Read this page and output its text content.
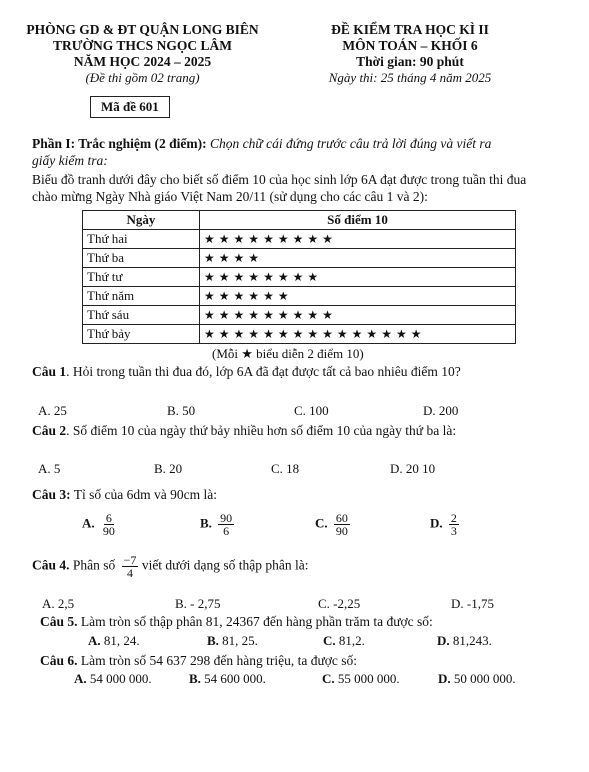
PHÒNG GD & ĐT QUẬN LONG BIÊN
TRƯỜNG THCS NGỌC LÂM
NĂM HỌC 2024 – 2025
(Đề thi gồm 02 trang)
ĐỀ KIỂM TRA HỌC KÌ II
MÔN TOÁN – KHỐI 6
Thời gian: 90 phút
Ngày thi: 25 tháng 4 năm 2025
Mã đề 601
Phần I: Trắc nghiệm (2 điểm): Chọn chữ cái đứng trước câu trả lời đúng và viết ra
giấy kiểm tra:
Biểu đồ tranh dưới đây cho biết số điểm 10 của học sinh lớp 6A đạt được trong tuần thi đua
chào mừng Ngày Nhà giáo Việt Nam 20/11 (sử dụng cho các câu 1 và 2):
Ngày	Số điểm 10
Thứ hai	★★★★★★★★★
Thứ ba	★★★★
Thứ tư	★★★★★★★★
Thứ năm	★★★★★★
Thứ sáu	★★★★★★★★★
Thứ bảy	★★★★★★★★★★★★★★★
(Mỗi ★ biểu diễn 2 điểm 10)
Câu 1. Hỏi trong tuần thi đua đó, lớp 6A đã đạt được tất cả bao nhiêu điểm 10?
A. 25	B. 50	C. 100	D. 200
Câu 2. Số điểm 10 của ngày thứ bảy nhiều hơn số điểm 10 của ngày thứ ba là:
A. 5	B. 20	C. 18	D. 20 10
Câu 3: Tỉ số của 6dm và 90cm là:
A. $\frac{6}{90}$	B. $\frac{90}{6}$	C. $\frac{60}{90}$	D. $\frac{2}{3}$
Câu 4. Phân số $\frac{-7}{4}$ viết dưới dạng số thập phân là:
A. 2,5	B. - 2,75	C. -2,25	D. -1,75
Câu 5. Làm tròn số thập phân 81, 24367 đến hàng phần trăm ta được số:
A. 81, 24.	B. 81, 25.	C. 81,2.	D. 81,243.
Câu 6. Làm tròn số 54 637 298 đến hàng triệu, ta được số:
A. 54 000 000.	B. 54 600 000.	C. 55 000 000.	D. 50 000 000.
